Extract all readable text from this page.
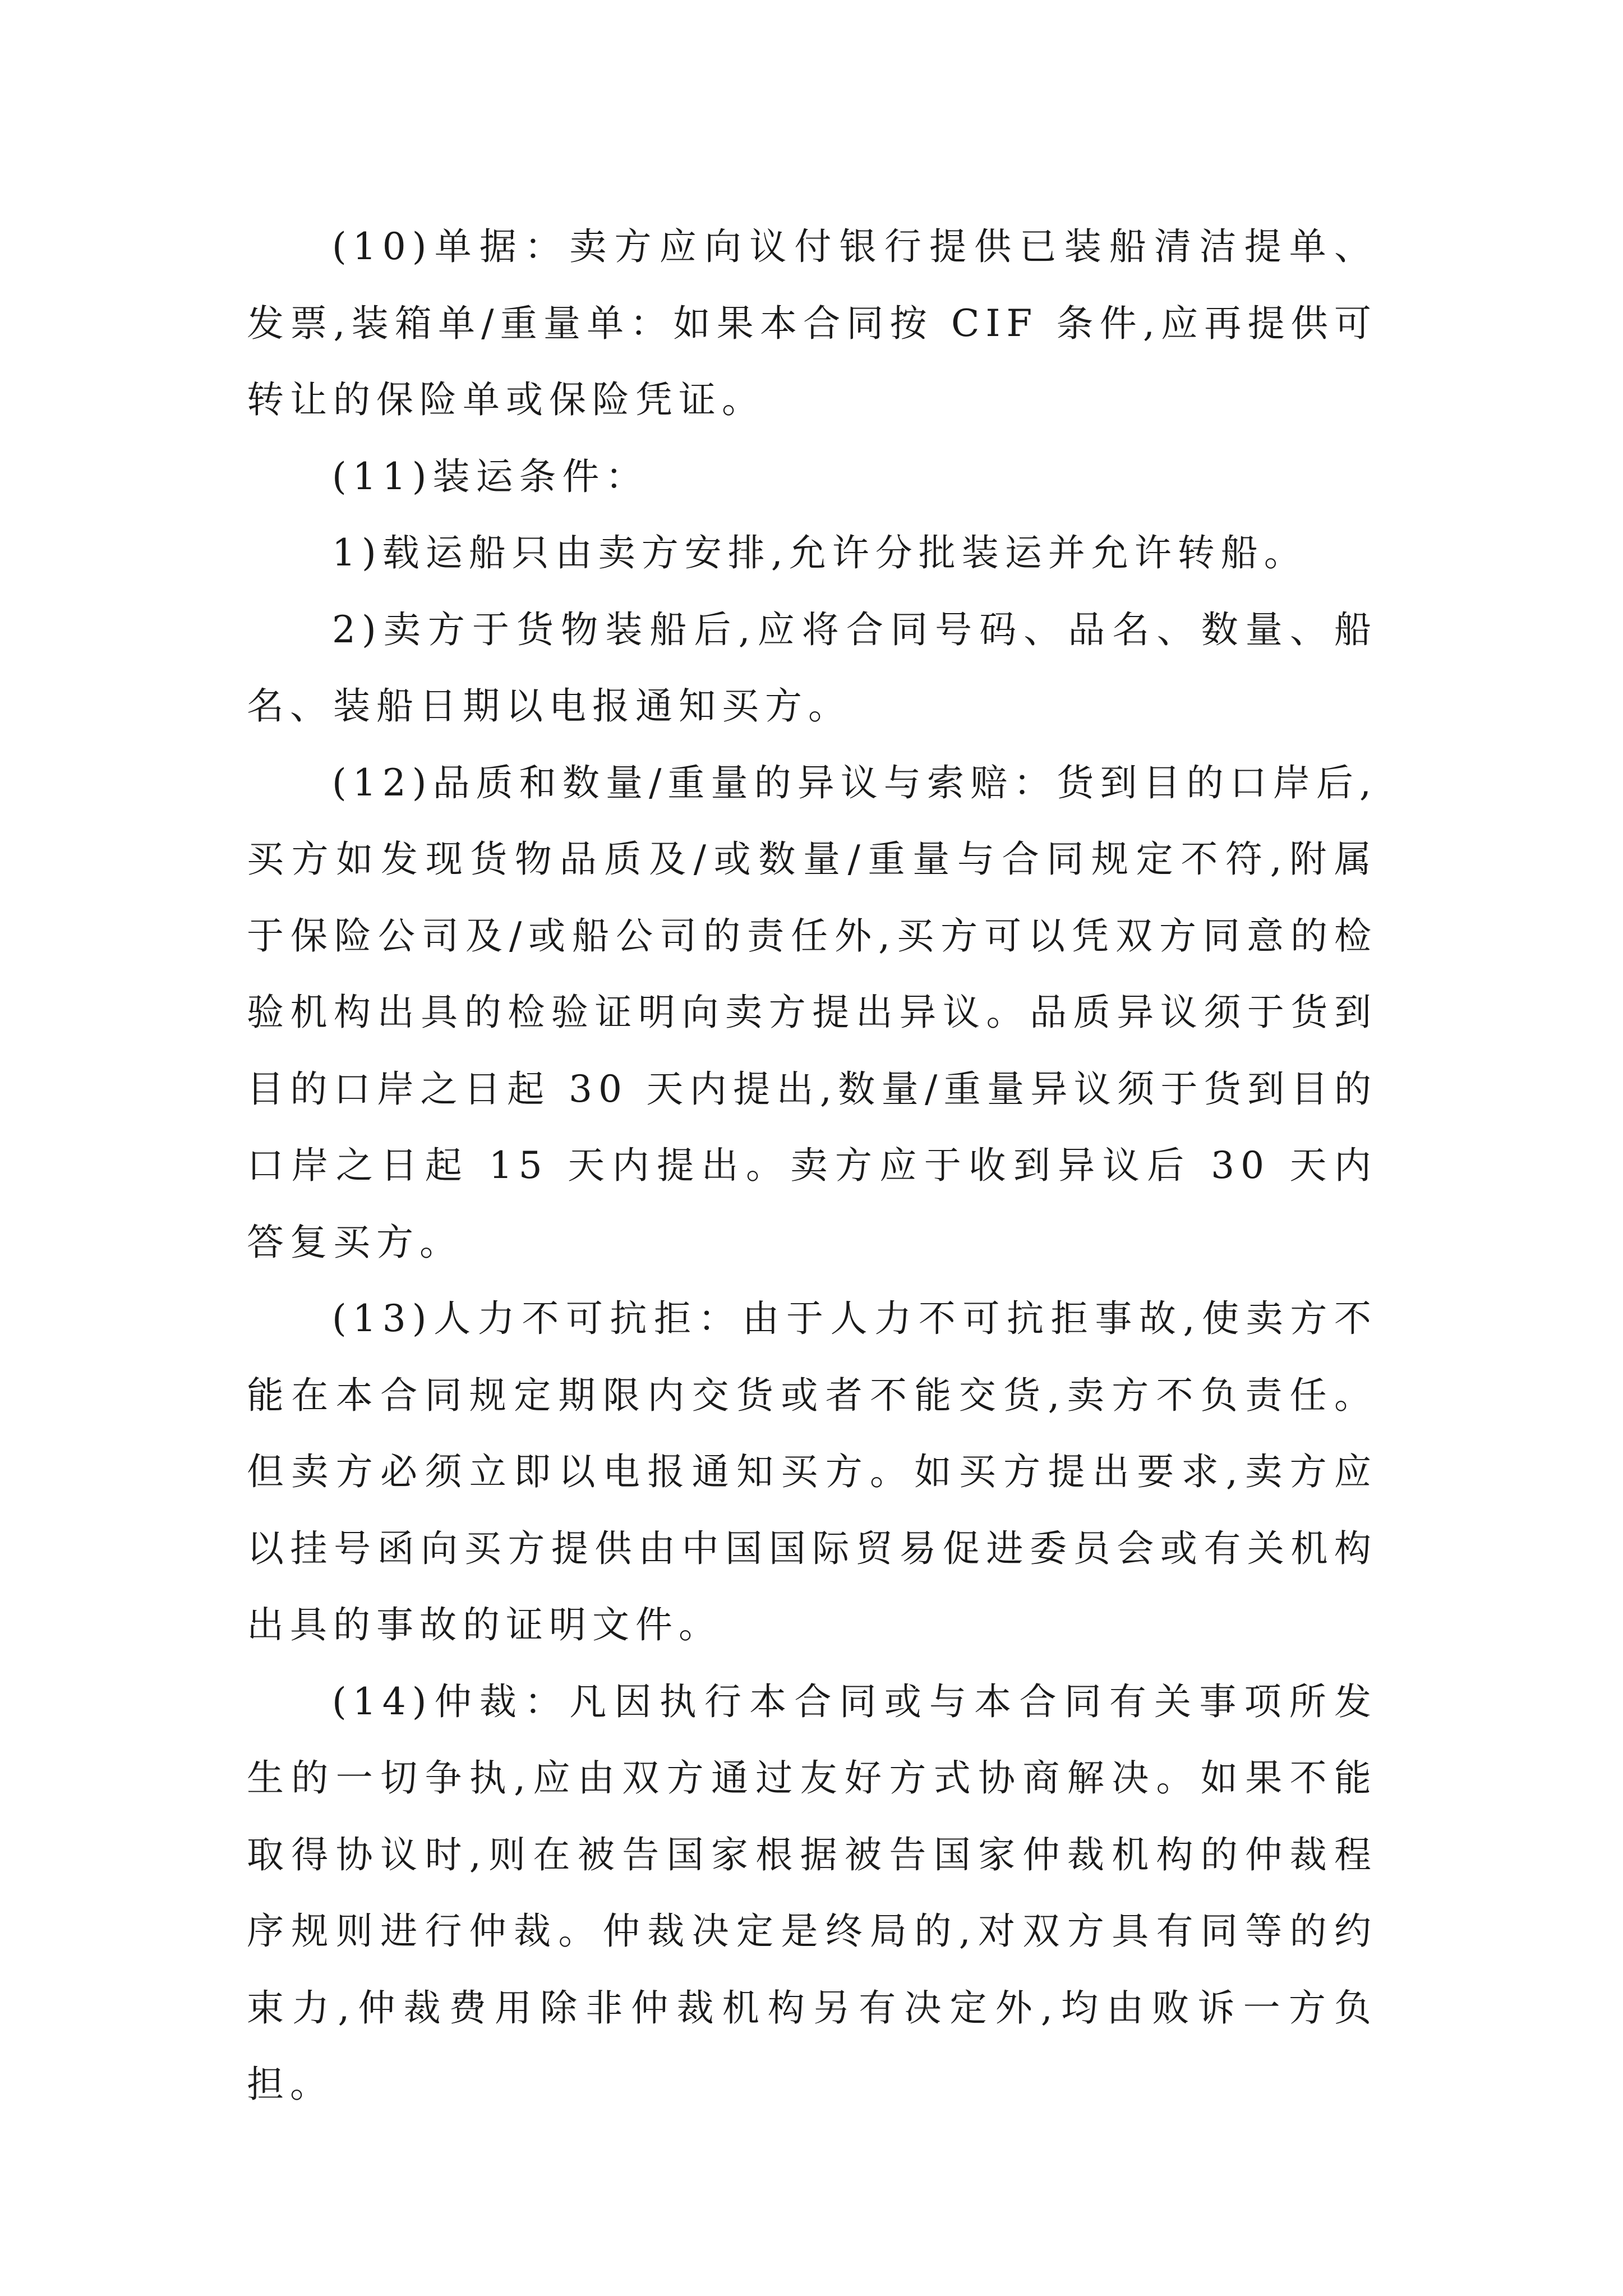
(10)单据：卖方应向议付银行提供已装船清洁提单、发票,装箱单/重量单：如果本合同按 CIF 条件,应再提供可转让的保险单或保险凭证。

(11)装运条件：

1)载运船只由卖方安排,允许分批装运并允许转船。

2)卖方于货物装船后,应将合同号码、品名、数量、船名、装船日期以电报通知买方。

(12)品质和数量/重量的异议与索赔：货到目的口岸后,买方如发现货物品质及/或数量/重量与合同规定不符,附属于保险公司及/或船公司的责任外,买方可以凭双方同意的检验机构出具的检验证明向卖方提出异议。品质异议须于货到目的口岸之日起 30 天内提出,数量/重量异议须于货到目的口岸之日起 15 天内提出。卖方应于收到异议后 30 天内答复买方。

(13)人力不可抗拒：由于人力不可抗拒事故,使卖方不能在本合同规定期限内交货或者不能交货,卖方不负责任。但卖方必须立即以电报通知买方。如买方提出要求,卖方应以挂号函向买方提供由中国国际贸易促进委员会或有关机构出具的事故的证明文件。

(14)仲裁：凡因执行本合同或与本合同有关事项所发生的一切争执,应由双方通过友好方式协商解决。如果不能取得协议时,则在被告国家根据被告国家仲裁机构的仲裁程序规则进行仲裁。仲裁决定是终局的,对双方具有同等的约束力,仲裁费用除非仲裁机构另有决定外,均由败诉一方负担。
